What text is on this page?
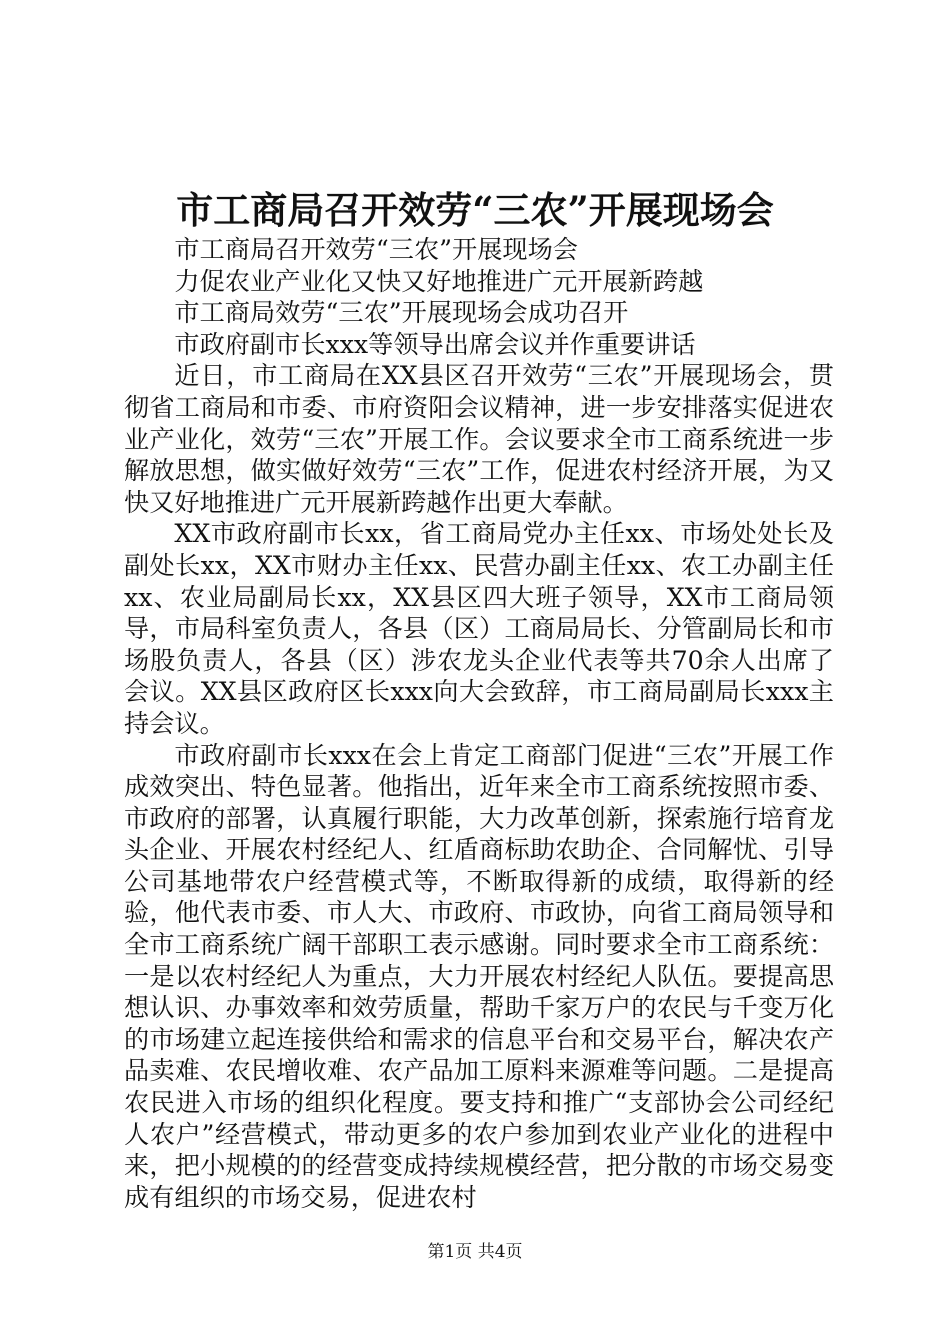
市工商局召开效劳“三农”开展现场会

市工商局召开效劳“三农”开展现场会

力促农业产业化又快又好地推进广元开展新跨越

市工商局效劳“三农”开展现场会成功召开

市政府副市长xxx等领导出席会议并作重要讲话

近日，市工商局在XX县区召开效劳“三农”开展现场会，贯彻省工商局和市委、市府资阳会议精神，进一步安排落实促进农业产业化，效劳“三农”开展工作。会议要求全市工商系统进一步解放思想，做实做好效劳“三农”工作，促进农村经济开展，为又快又好地推进广元开展新跨越作出更大奉献。

XX市政府副市长xx，省工商局党办主任xx、市场处处长及副处长xx，XX市财办主任xx、民营办副主任xx、农工办副主任xx、农业局副局长xx，XX县区四大班子领导，XX市工商局领导，市局科室负责人，各县（区）工商局局长、分管副局长和市场股负责人，各县（区）涉农龙头企业代表等共70余人出席了会议。XX县区政府区长xxx向大会致辞，市工商局副局长xxx主持会议。

市政府副市长xxx在会上肯定工商部门促进“三农”开展工作成效突出、特色显著。他指出，近年来全市工商系统按照市委、市政府的部署，认真履行职能，大力改革创新，探索施行培育龙头企业、开展农村经纪人、红盾商标助农助企、合同解忧、引导公司基地带农户经营模式等，不断取得新的成绩，取得新的经验，他代表市委、市人大、市政府、市政协，向省工商局领导和全市工商系统广阔干部职工表示感谢。同时要求全市工商系统：一是以农村经纪人为重点，大力开展农村经纪人队伍。要提高思想认识、办事效率和效劳质量，帮助千家万户的农民与千变万化的市场建立起连接供给和需求的信息平台和交易平台，解决农产品卖难、农民增收难、农产品加工原料来源难等问题。二是提高农民进入市场的组织化程度。要支持和推广“支部协会公司经纪人农户”经营模式，带动更多的农户参加到农业产业化的进程中来，把小规模的的经营变成持续规模经营，把分散的市场交易变成有组织的市场交易，促进农村

第1页 共4页
